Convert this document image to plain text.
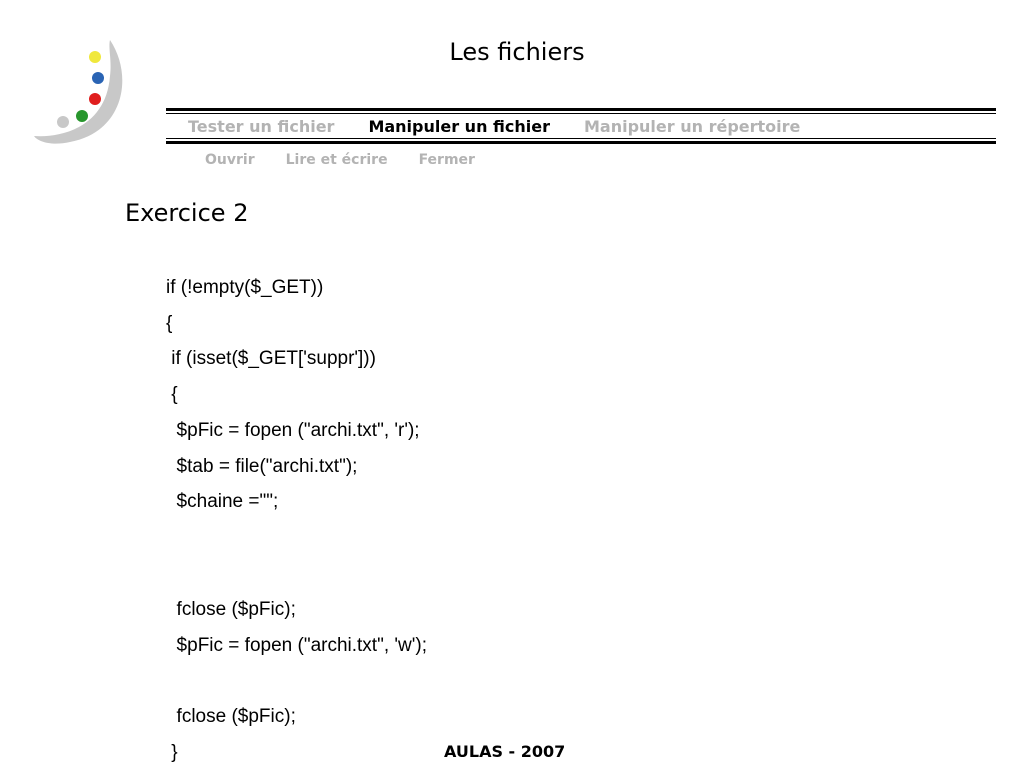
Les fichiers
Tester un fichier Manipuler un fichier Manipuler un répertoire
Ouvrir Lire et écrire Fermer
Exercice 2
if (!empty($_GET))
{
if (isset($_GET['suppr']))
{
$pFic = fopen ("archi.txt", 'r');
$tab = file("archi.txt");
$chaine ="";
fclose ($pFic);
$pFic = fopen ("archi.txt", 'w');
fclose ($pFic);
}	AULAS - 2007
